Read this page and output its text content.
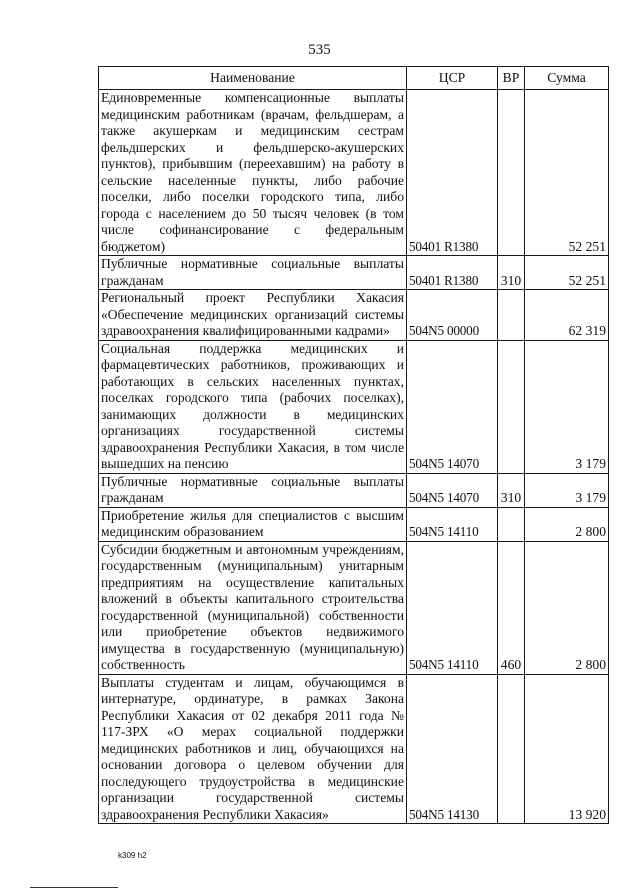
535
Наименование	ЦСР	ВР	Сумма
Единовременные компенсационные выплаты медицинским работникам (врачам, фельдшерам, а также акушеркам и медицинским сестрам фельдшерских и фельдшерско-акушерских пунктов), прибывшим (переехавшим) на работу в сельские населенные пункты, либо рабочие поселки, либо поселки городского типа, либо города с населением до 50 тысяч человек (в том числе софинансирование с федеральным бюджетом)	50401 R1380		52 251
Публичные нормативные социальные выплаты гражданам	50401 R1380	310	52 251
Региональный проект Республики Хакасия «Обеспечение медицинских организаций системы здравоохранения квалифицированными кадрами»	504N5 00000		62 319
Социальная поддержка медицинских и фармацевтических работников, проживающих и работающих в сельских населенных пунктах, поселках городского типа (рабочих поселках), занимающих должности в медицинских организациях государственной системы здравоохранения Республики Хакасия, в том числе вышедших на пенсию	504N5 14070		3 179
Публичные нормативные социальные выплаты гражданам	504N5 14070	310	3 179
Приобретение жилья для специалистов с высшим медицинским образованием	504N5 14110		2 800
Субсидии бюджетным и автономным учреждениям, государственным (муниципальным) унитарным предприятиям на осуществление капитальных вложений в объекты капитального строительства государственной (муниципальной) собственности или приобретение объектов недвижимого имущества в государственную (муниципальную) собственность	504N5 14110	460	2 800
Выплаты студентам и лицам, обучающимся в интернатуре, ординатуре, в рамках Закона Республики Хакасия от 02 декабря 2011 года № 117-ЗРХ «О мерах социальной поддержки медицинских работников и лиц, обучающихся на основании договора о целевом обучении для последующего трудоустройства в медицинские организации государственной системы здравоохранения Республики Хакасия»	504N5 14130		13 920
k309 h2
